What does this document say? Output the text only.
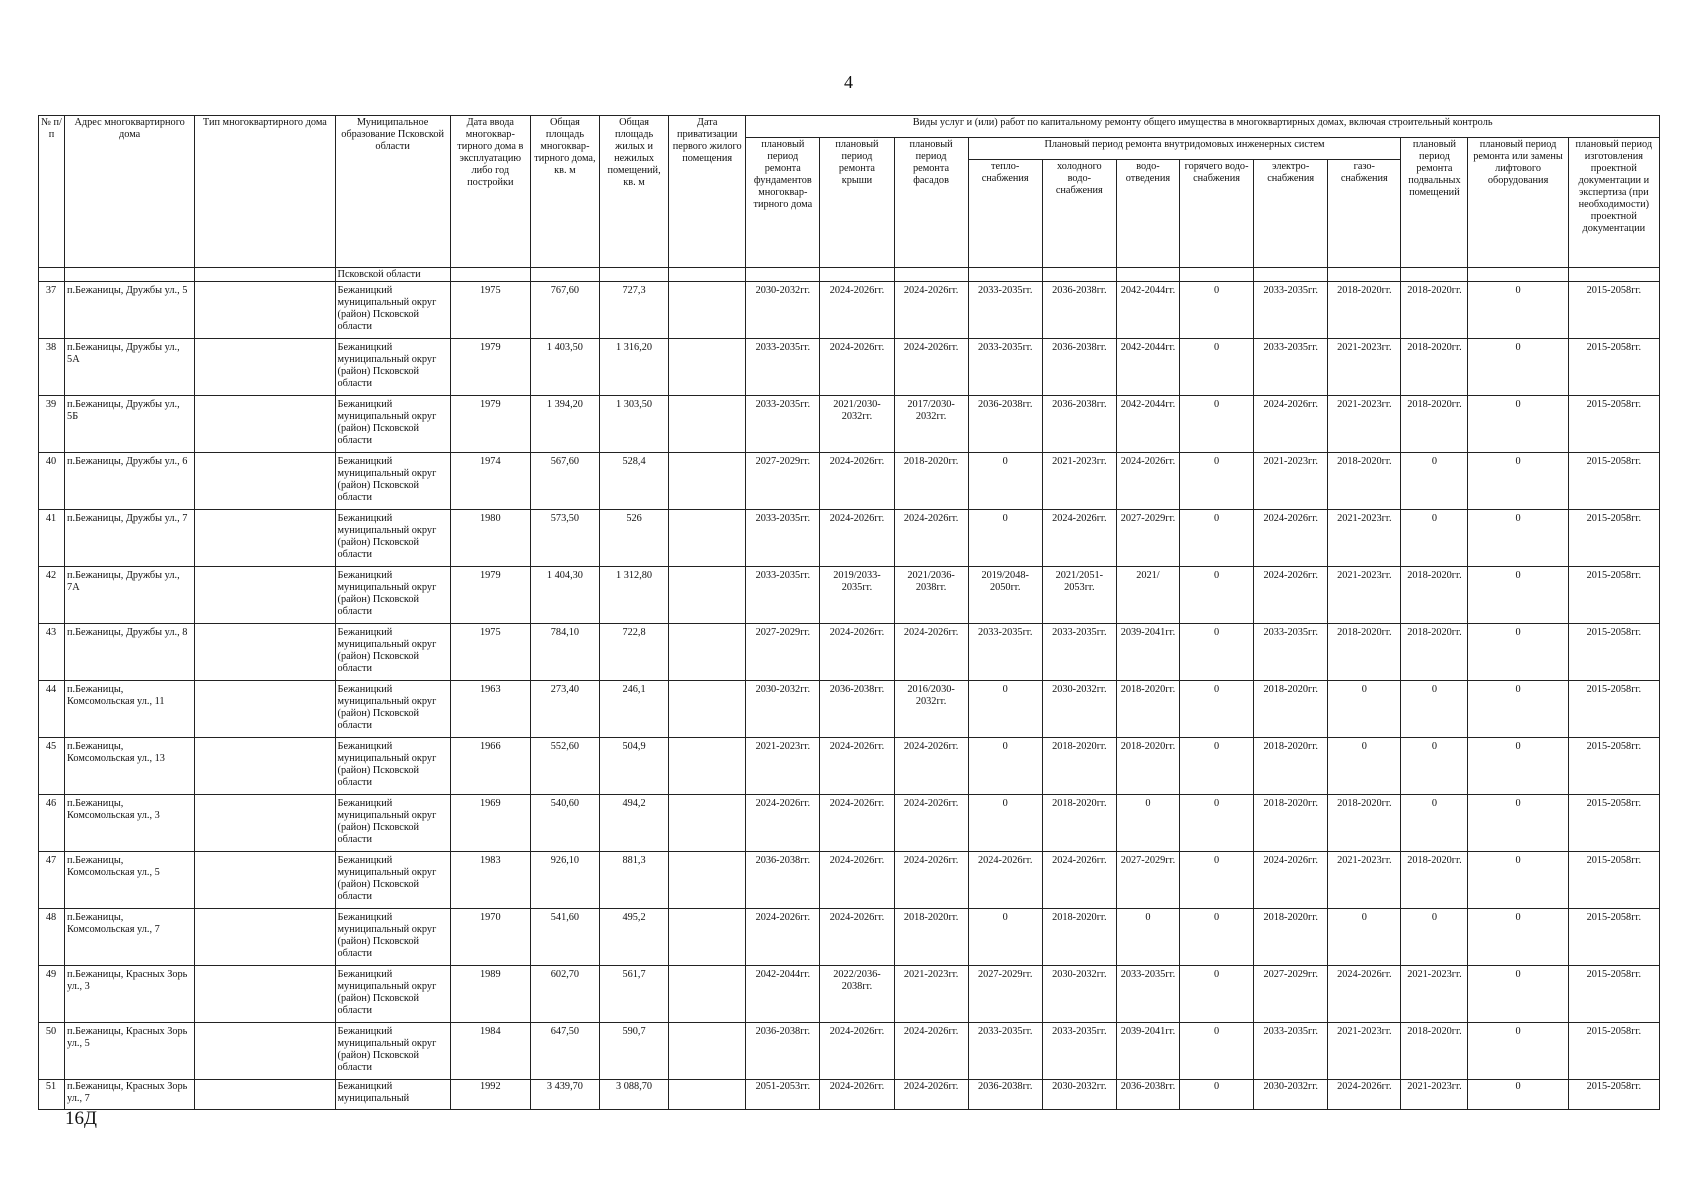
4
№ п/п	Адрес многоквартирного дома	Тип многоквартирного дома	Муниципальное образование Псковской области	Дата ввода многоквар-тирного дома в эксплуатацию либо год постройки	Общая площадь многоквар-тирного дома, кв. м	Общая площадь жилых и нежилых помещений, кв. м	Дата приватизации первого жилого помещения	Виды услуг и (или) работ по капитальному ремонту общего имущества в многоквартирных домах, включая строительный контроль											
								плановый период ремонта фундаментов многоквар-тирного дома	плановый период ремонта крыши	плановый период ремонта фасадов	Плановый период ремонта внутридомовых инженерных систем						плановый период ремонта подвальных помещений	плановый период ремонта или замены лифтового оборудования	плановый период изготовления проектной документации и экспертиза (при необходимости) проектной документации
											тепло-снабжения	холодного водо-снабжения	водо-отведения	горячего водо-снабжения	электро-снабжения	газо-снабжения			
			Псковской области																
37	п.Бежаницы, Дружбы ул., 5		Бежаницкий муниципальный округ (район) Псковской области	1975	767,60	727,3		2030-2032гг.	2024-2026гг.	2024-2026гг.	2033-2035гг.	2036-2038гг.	2042-2044гг.	0	2033-2035гг.	2018-2020гг.	2018-2020гг.	0	2015-2058гг.
38	п.Бежаницы, Дружбы ул., 5А		Бежаницкий муниципальный округ (район) Псковской области	1979	1 403,50	1 316,20		2033-2035гг.	2024-2026гг.	2024-2026гг.	2033-2035гг.	2036-2038гг.	2042-2044гг.	0	2033-2035гг.	2021-2023гг.	2018-2020гг.	0	2015-2058гг.
39	п.Бежаницы, Дружбы ул., 5Б		Бежаницкий муниципальный округ (район) Псковской области	1979	1 394,20	1 303,50		2033-2035гг.	2021/2030-2032гг.	2017/2030-2032гг.	2036-2038гг.	2036-2038гг.	2042-2044гг.	0	2024-2026гг.	2021-2023гг.	2018-2020гг.	0	2015-2058гг.
40	п.Бежаницы, Дружбы ул., 6		Бежаницкий муниципальный округ (район) Псковской области	1974	567,60	528,4		2027-2029гг.	2024-2026гг.	2018-2020гг.	0	2021-2023гг.	2024-2026гг.	0	2021-2023гг.	2018-2020гг.	0	0	2015-2058гг.
41	п.Бежаницы, Дружбы ул., 7		Бежаницкий муниципальный округ (район) Псковской области	1980	573,50	526		2033-2035гг.	2024-2026гг.	2024-2026гг.	0	2024-2026гг.	2027-2029гг.	0	2024-2026гг.	2021-2023гг.	0	0	2015-2058гг.
42	п.Бежаницы, Дружбы ул., 7А		Бежаницкий муниципальный округ (район) Псковской области	1979	1 404,30	1 312,80		2033-2035гг.	2019/2033-2035гг.	2021/2036-2038гг.	2019/2048-2050гг.	2021/2051-2053гг.	2021/	0	2024-2026гг.	2021-2023гг.	2018-2020гг.	0	2015-2058гг.
43	п.Бежаницы, Дружбы ул., 8		Бежаницкий муниципальный округ (район) Псковской области	1975	784,10	722,8		2027-2029гг.	2024-2026гг.	2024-2026гг.	2033-2035гг.	2033-2035гг.	2039-2041гг.	0	2033-2035гг.	2018-2020гг.	2018-2020гг.	0	2015-2058гг.
44	п.Бежаницы, Комсомольская ул., 11		Бежаницкий муниципальный округ (район) Псковской области	1963	273,40	246,1		2030-2032гг.	2036-2038гг.	2016/2030-2032гг.	0	2030-2032гг.	2018-2020гг.	0	2018-2020гг.	0	0	0	2015-2058гг.
45	п.Бежаницы, Комсомольская ул., 13		Бежаницкий муниципальный округ (район) Псковской области	1966	552,60	504,9		2021-2023гг.	2024-2026гг.	2024-2026гг.	0	2018-2020гг.	2018-2020гг.	0	2018-2020гг.	0	0	0	2015-2058гг.
46	п.Бежаницы, Комсомольская ул., 3		Бежаницкий муниципальный округ (район) Псковской области	1969	540,60	494,2		2024-2026гг.	2024-2026гг.	2024-2026гг.	0	2018-2020гг.	0	0	2018-2020гг.	2018-2020гг.	0	0	2015-2058гг.
47	п.Бежаницы, Комсомольская ул., 5		Бежаницкий муниципальный округ (район) Псковской области	1983	926,10	881,3		2036-2038гг.	2024-2026гг.	2024-2026гг.	2024-2026гг.	2024-2026гг.	2027-2029гг.	0	2024-2026гг.	2021-2023гг.	2018-2020гг.	0	2015-2058гг.
48	п.Бежаницы, Комсомольская ул., 7		Бежаницкий муниципальный округ (район) Псковской области	1970	541,60	495,2		2024-2026гг.	2024-2026гг.	2018-2020гг.	0	2018-2020гг.	0	0	2018-2020гг.	0	0	0	2015-2058гг.
49	п.Бежаницы, Красных Зорь ул., 3		Бежаницкий муниципальный округ (район) Псковской области	1989	602,70	561,7		2042-2044гг.	2022/2036-2038гг.	2021-2023гг.	2027-2029гг.	2030-2032гг.	2033-2035гг.	0	2027-2029гг.	2024-2026гг.	2021-2023гг.	0	2015-2058гг.
50	п.Бежаницы, Красных Зорь ул., 5		Бежаницкий муниципальный округ (район) Псковской области	1984	647,50	590,7		2036-2038гг.	2024-2026гг.	2024-2026гг.	2033-2035гг.	2033-2035гг.	2039-2041гг.	0	2033-2035гг.	2021-2023гг.	2018-2020гг.	0	2015-2058гг.
51	п.Бежаницы, Красных Зорь ул., 7		Бежаницкий муниципальный	1992	3 439,70	3 088,70		2051-2053гг.	2024-2026гг.	2024-2026гг.	2036-2038гг.	2030-2032гг.	2036-2038гг.	0	2030-2032гг.	2024-2026гг.	2021-2023гг.	0	2015-2058гг.
16Д
